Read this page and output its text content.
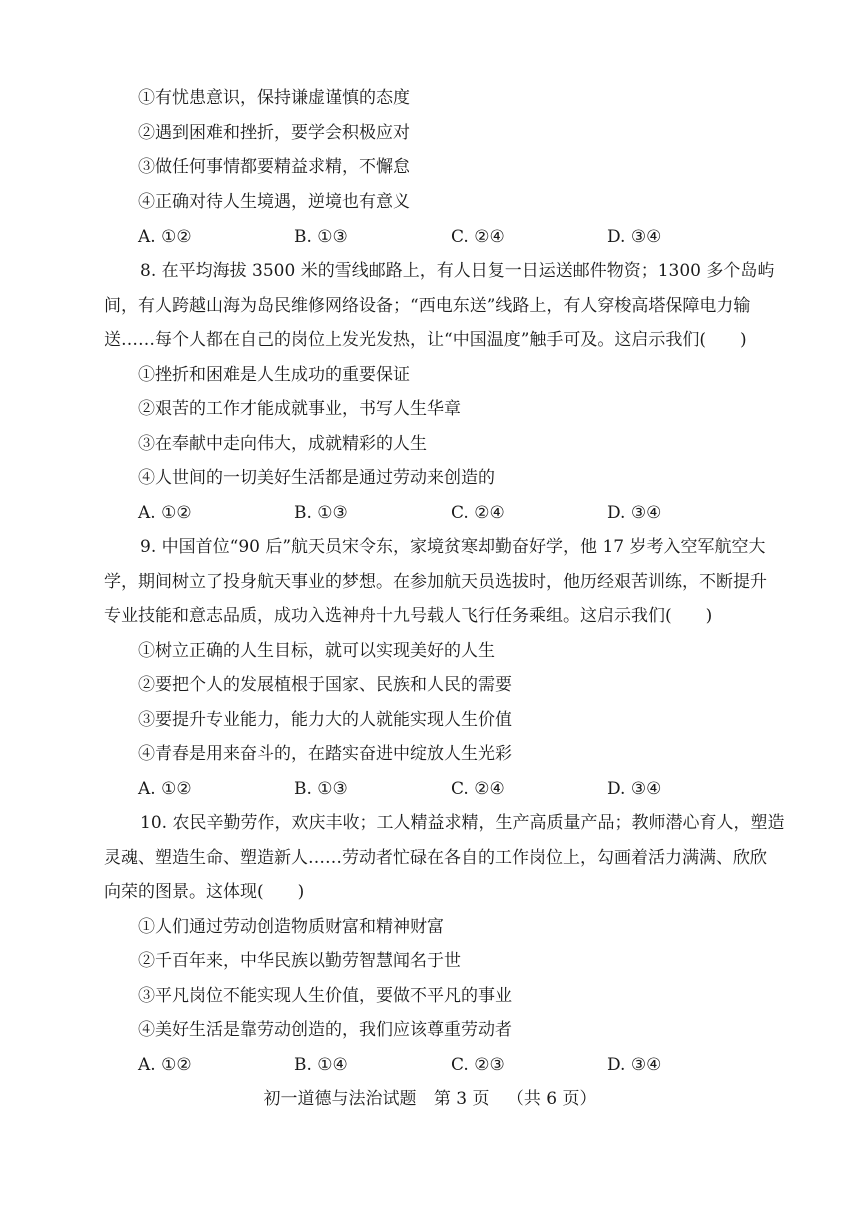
①有忧患意识，保持谦虚谨慎的态度
②遇到困难和挫折，要学会积极应对
③做任何事情都要精益求精，不懈怠
④正确对待人生境遇，逆境也有意义
A. ①②	B. ①③	C. ②④	D. ③④
8. 在平均海拔 3500 米的雪线邮路上，有人日复一日运送邮件物资；1300 多个岛屿
间，有人跨越山海为岛民维修网络设备；“西电东送”线路上，有人穿梭高塔保障电力输
送……每个人都在自己的岗位上发光发热，让“中国温度”触手可及。这启示我们(　　)
①挫折和困难是人生成功的重要保证
②艰苦的工作才能成就事业，书写人生华章
③在奉献中走向伟大，成就精彩的人生
④人世间的一切美好生活都是通过劳动来创造的
A. ①②	B. ①③	C. ②④	D. ③④
9. 中国首位“90 后”航天员宋令东，家境贫寒却勤奋好学，他 17 岁考入空军航空大
学，期间树立了投身航天事业的梦想。在参加航天员选拔时，他历经艰苦训练，不断提升
专业技能和意志品质，成功入选神舟十九号载人飞行任务乘组。这启示我们(　　)
①树立正确的人生目标，就可以实现美好的人生
②要把个人的发展植根于国家、民族和人民的需要
③要提升专业能力，能力大的人就能实现人生价值
④青春是用来奋斗的，在踏实奋进中绽放人生光彩
A. ①②	B. ①③	C. ②④	D. ③④
10. 农民辛勤劳作，欢庆丰收；工人精益求精，生产高质量产品；教师潜心育人，塑造
灵魂、塑造生命、塑造新人……劳动者忙碌在各自的工作岗位上，勾画着活力满满、欣欣
向荣的图景。这体现(　　)
①人们通过劳动创造物质财富和精神财富
②千百年来，中华民族以勤劳智慧闻名于世
③平凡岗位不能实现人生价值，要做不平凡的事业
④美好生活是靠劳动创造的，我们应该尊重劳动者
A. ①②	B. ①④	C. ②③	D. ③④
初一道德与法治试题 第 3 页 （共 6 页）
